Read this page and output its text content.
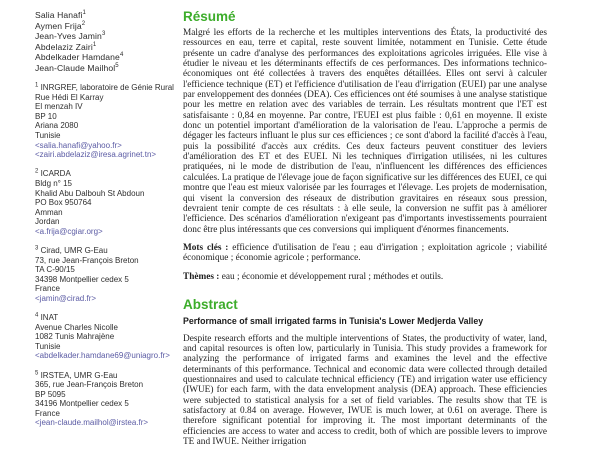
Salia Hanafi$^1$
Aymen Frija$^2$
Jean-Yves Jamin$^3$
Abdelaziz Zairi$^1$
Abdelkader Hamdane$^4$
Jean-Claude Mailhol$^5$
$^1$ INRGREF, laboratoire de Génie Rural
Rue Hédi El Karray
El menzah IV
BP 10
Ariana 2080
Tunisie
<salia.hanafi@yahoo.fr>
<zairi.abdelaziz@iresa.agrinet.tn>
$^2$ ICARDA
Bldg n° 15
Khalid Abu Dalbouh St Abdoun
PO Box 950764
Amman
Jordan
<a.frija@cgiar.org>
$^3$ Cirad, UMR G-Eau
73, rue Jean-François Breton
TA C-90/15
34398 Montpellier cedex 5
France
<jamin@cirad.fr>
$^4$ INAT
Avenue Charles Nicolle
1082 Tunis Mahrajène
Tunisie
<abdelkader.hamdane69@uniagro.fr>
$^5$ IRSTEA, UMR G-Eau
365, rue Jean-François Breton
BP 5095
34196 Montpellier cedex 5
France
<jean-claude.mailhol@irstea.fr>
Résumé

Malgré les efforts de la recherche et les multiples interventions des États, la productivité des ressources en eau, terre et capital, reste souvent limitée, notamment en Tunisie. Cette étude présente un cadre d'analyse des performances des exploitations agricoles irriguées. Elle vise à étudier le niveau et les déterminants effectifs de ces performances. Des informations technico-économiques ont été collectées à travers des enquêtes détaillées. Elles ont servi à calculer l'efficience technique (ET) et l'efficience d'utilisation de l'eau d'irrigation (EUEI) par une analyse par enveloppement des données (DEA). Ces efficiences ont été soumises à une analyse statistique pour les mettre en relation avec des variables de terrain. Les résultats montrent que l'ET est satisfaisante : 0,84 en moyenne. Par contre, l'EUEI est plus faible : 0,61 en moyenne. Il existe donc un potentiel important d'amélioration de la valorisation de l'eau. L'approche a permis de dégager les facteurs influant le plus sur ces efficiences ; ce sont d'abord la facilité d'accès à l'eau, puis la possibilité d'accès aux crédits. Ces deux facteurs peuvent constituer des leviers d'amélioration des ET et des EUEI. Ni les techniques d'irrigation utilisées, ni les cultures pratiquées, ni le mode de distribution de l'eau, n'influencent les différences des efficiences calculées. La pratique de l'élevage joue de façon significative sur les différences des EUEI, ce qui montre que l'eau est mieux valorisée par les fourrages et l'élevage. Les projets de modernisation, qui visent la conversion des réseaux de distribution gravitaires en réseaux sous pression, devraient tenir compte de ces résultats : à elle seule, la conversion ne suffit pas à améliorer l'efficience. Des scénarios d'amélioration n'exigeant pas d'importants investissements pourraient donc être plus intéressants que ces conversions qui impliquent d'énormes financements.

Mots clés : efficience d'utilisation de l'eau ; eau d'irrigation ; exploitation agricole ; viabilité économique ; économie agricole ; performance.

Thèmes : eau ; économie et développement rural ; méthodes et outils.

Abstract

Performance of small irrigated farms in Tunisia's Lower Medjerda Valley

Despite research efforts and the multiple interventions of States, the productivity of water, land, and capital resources is often low, particularly in Tunisia. This study provides a framework for analyzing the performance of irrigated farms and examines the level and the effective determinants of this performance. Technical and economic data were collected through detailed questionnaires and used to calculate technical efficiency (TE) and irrigation water use efficiency (IWUE) for each farm, with the data envelopment analysis (DEA) approach. These efficiencies were subjected to statistical analysis for a set of field variables. The results show that TE is satisfactory at 0.84 on average. However, IWUE is much lower, at 0.61 on average. There is therefore significant potential for improving it. The most important determinants of the efficiencies are access to water and access to credit, both of which are possible levers to improve TE and IWUE. Neither irrigation
